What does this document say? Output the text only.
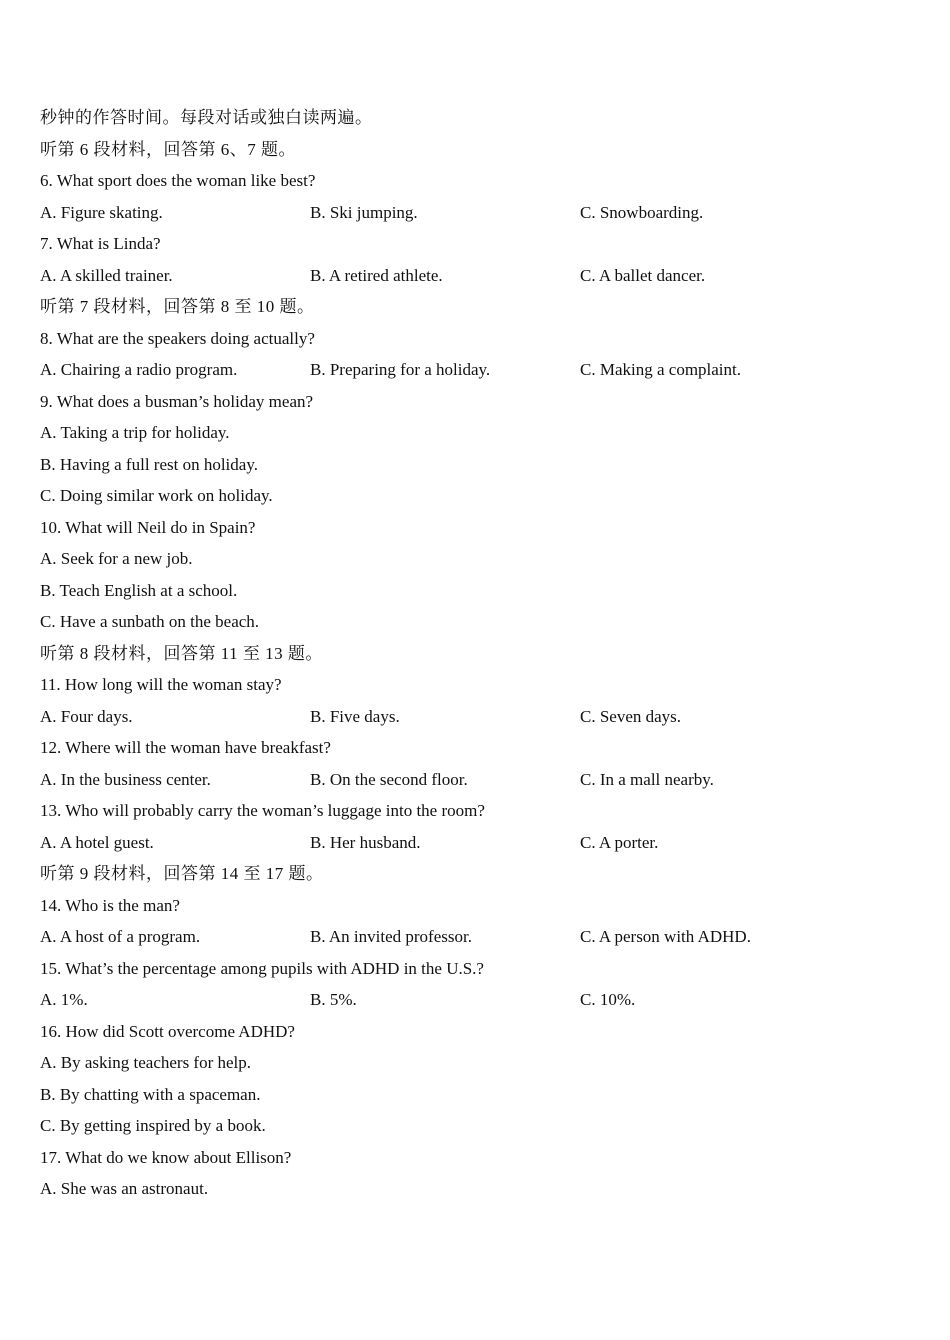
秒钟的作答时间。每段对话或独白读两遍。
听第 6 段材料，回答第 6、7 题。
6. What sport does the woman like best?
A. Figure skating.	B. Ski jumping.	C. Snowboarding.
7. What is Linda?
A. A skilled trainer.	B. A retired athlete.	C. A ballet dancer.
听第 7 段材料，回答第 8 至 10 题。
8. What are the speakers doing actually?
A. Chairing a radio program.	B. Preparing for a holiday.	C. Making a complaint.
9. What does a busman’s holiday mean?
A. Taking a trip for holiday.
B. Having a full rest on holiday.
C. Doing similar work on holiday.
10. What will Neil do in Spain?
A. Seek for a new job.
B. Teach English at a school.
C. Have a sunbath on the beach.
听第 8 段材料，回答第 11 至 13 题。
11. How long will the woman stay?
A. Four days.	B. Five days.	C. Seven days.
12. Where will the woman have breakfast?
A. In the business center.	B. On the second floor.	C. In a mall nearby.
13. Who will probably carry the woman’s luggage into the room?
A. A hotel guest.	B. Her husband.	C. A porter.
听第 9 段材料，回答第 14 至 17 题。
14. Who is the man?
A. A host of a program.	B. An invited professor.	C. A person with ADHD.
15. What’s the percentage among pupils with ADHD in the U.S.?
A. 1%.	B. 5%.	C. 10%.
16. How did Scott overcome ADHD?
A. By asking teachers for help.
B. By chatting with a spaceman.
C. By getting inspired by a book.
17. What do we know about Ellison?
A. She was an astronaut.
